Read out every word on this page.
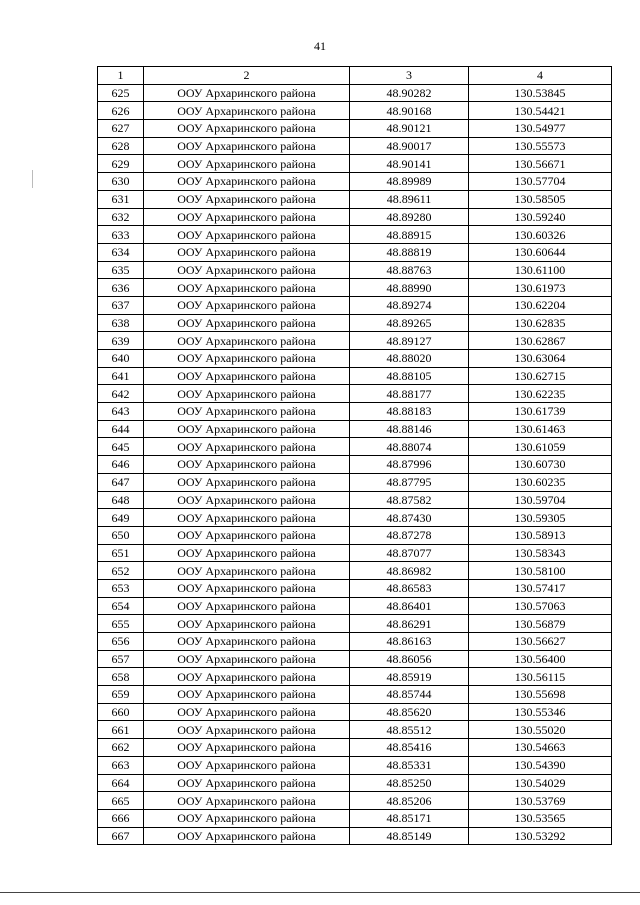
41
1	2	3	4
625	ООУ Архаринского района	48.90282	130.53845
626	ООУ Архаринского района	48.90168	130.54421
627	ООУ Архаринского района	48.90121	130.54977
628	ООУ Архаринского района	48.90017	130.55573
629	ООУ Архаринского района	48.90141	130.56671
630	ООУ Архаринского района	48.89989	130.57704
631	ООУ Архаринского района	48.89611	130.58505
632	ООУ Архаринского района	48.89280	130.59240
633	ООУ Архаринского района	48.88915	130.60326
634	ООУ Архаринского района	48.88819	130.60644
635	ООУ Архаринского района	48.88763	130.61100
636	ООУ Архаринского района	48.88990	130.61973
637	ООУ Архаринского района	48.89274	130.62204
638	ООУ Архаринского района	48.89265	130.62835
639	ООУ Архаринского района	48.89127	130.62867
640	ООУ Архаринского района	48.88020	130.63064
641	ООУ Архаринского района	48.88105	130.62715
642	ООУ Архаринского района	48.88177	130.62235
643	ООУ Архаринского района	48.88183	130.61739
644	ООУ Архаринского района	48.88146	130.61463
645	ООУ Архаринского района	48.88074	130.61059
646	ООУ Архаринского района	48.87996	130.60730
647	ООУ Архаринского района	48.87795	130.60235
648	ООУ Архаринского района	48.87582	130.59704
649	ООУ Архаринского района	48.87430	130.59305
650	ООУ Архаринского района	48.87278	130.58913
651	ООУ Архаринского района	48.87077	130.58343
652	ООУ Архаринского района	48.86982	130.58100
653	ООУ Архаринского района	48.86583	130.57417
654	ООУ Архаринского района	48.86401	130.57063
655	ООУ Архаринского района	48.86291	130.56879
656	ООУ Архаринского района	48.86163	130.56627
657	ООУ Архаринского района	48.86056	130.56400
658	ООУ Архаринского района	48.85919	130.56115
659	ООУ Архаринского района	48.85744	130.55698
660	ООУ Архаринского района	48.85620	130.55346
661	ООУ Архаринского района	48.85512	130.55020
662	ООУ Архаринского района	48.85416	130.54663
663	ООУ Архаринского района	48.85331	130.54390
664	ООУ Архаринского района	48.85250	130.54029
665	ООУ Архаринского района	48.85206	130.53769
666	ООУ Архаринского района	48.85171	130.53565
667	ООУ Архаринского района	48.85149	130.53292
